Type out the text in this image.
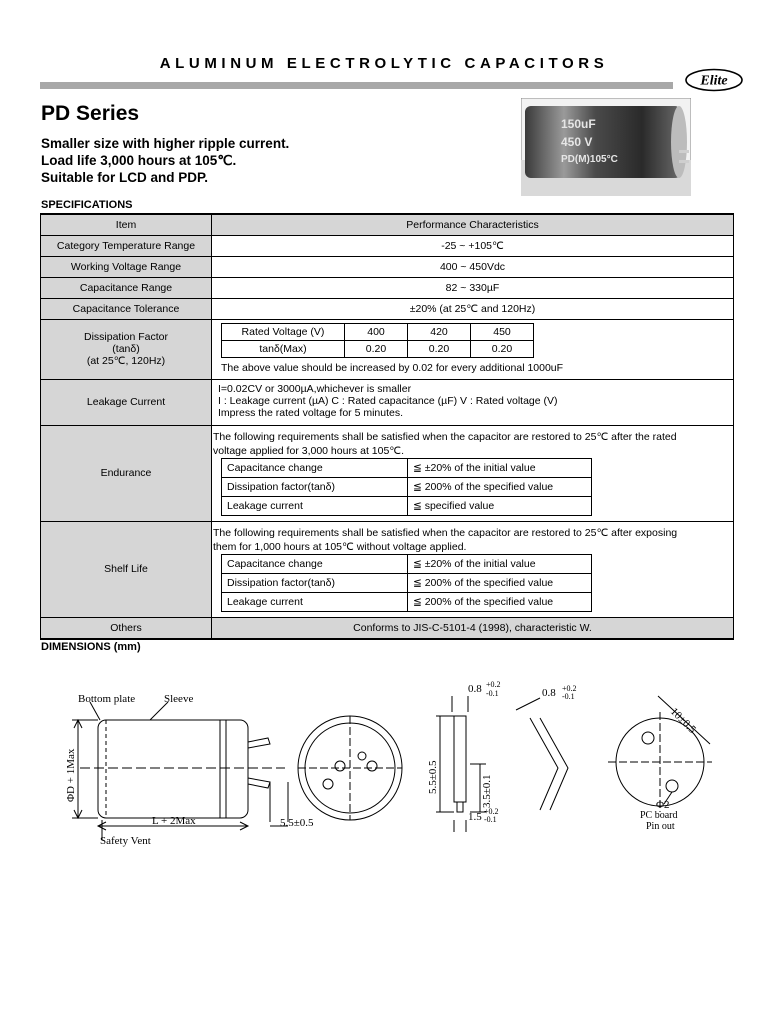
ALUMINUM ELECTROLYTIC CAPACITORS
Elite
PD Series
Smaller size with higher ripple current.
Load life 3,000 hours at 105℃.
Suitable for LCD and PDP.
150uF
450 V
PD(M)105°C
SPECIFICATIONS
Item	Performance Characteristics
Category Temperature Range	-25 ~ +105℃
Working Voltage Range	400 ~ 450Vdc
Capacitance Range	82 ~ 330µF
Capacitance Tolerance	±20% (at 25℃ and 120Hz)

Dissipation Factor
(tanδ)
(at 25℃, 120Hz)

Rated Voltage (V)	400	420	450
tanδ(Max)	0.20	0.20	0.20
The above value should be increased by 0.02 for every additional 1000uF

Leakage Current	
I=0.02CV or 3000µA,whichever is smaller
I : Leakage current (µA) C : Rated capacitance (µF) V : Rated voltage (V)
Impress the rated voltage for 5 minutes.

Endurance	
The following requirements shall be satisfied when the capacitor are restored to 25℃ after the rated
voltage applied for 3,000 hours at 105℃.
Capacitance change	≦ ±20% of the initial value
Dissipation factor(tanδ)	≦ 200% of the specified value
Leakage current	≦ specified value

Shelf Life	
The following requirements shall be satisfied when the capacitor are restored to 25℃ after exposing
them for 1,000 hours at 105℃ without voltage applied.
Capacitance change	≦ ±20% of the initial value
Dissipation factor(tanδ)	≦ 200% of the specified value
Leakage current	≦ 200% of the specified value

Others	Conforms to JIS-C-5101-4 (1998), characteristic W.
DIMENSIONS (mm)
Bottom plate	Sleeve
ΦD + 1Max
L + 2Max	5.5±0.5
Safety Vent
0.8 +0.2
-0.1
5.5±0.5	3.5±0.1
1.5 +0.2
-0.1
0.8 +0.2
-0.1
10±0.5
Φ2
PC board
Pin out
